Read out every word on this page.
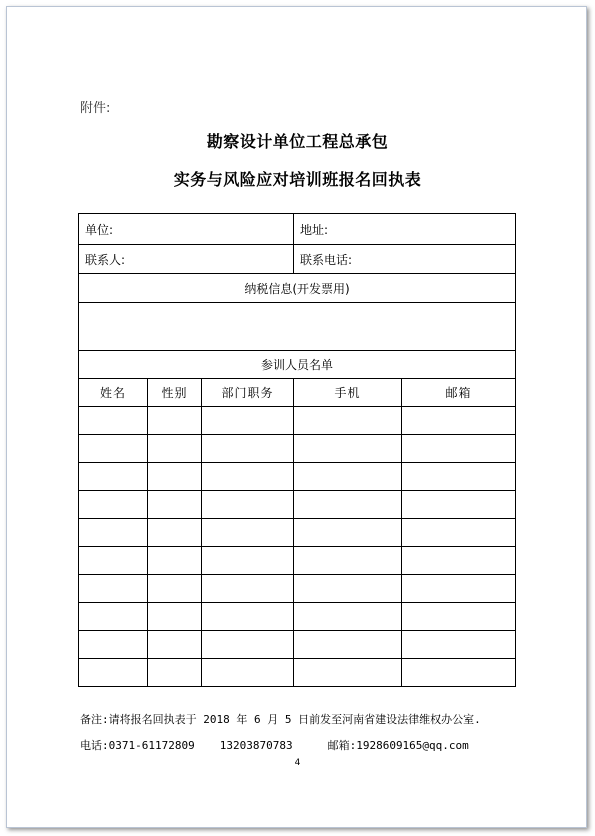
附件:
勘察设计单位工程总承包
实务与风险应对培训班报名回执表
单位:			地址:	
联系人:			联系电话:	
纳税信息(开发票用)				

参训人员名单				
姓名	性别	部门职务	手机	邮箱

备注:请将报名回执表于 2018 年 6 月 5 日前发至河南省建设法律维权办公室.
电话:0371-61172809 13203870783	邮箱:1928609165@qq.com
4
